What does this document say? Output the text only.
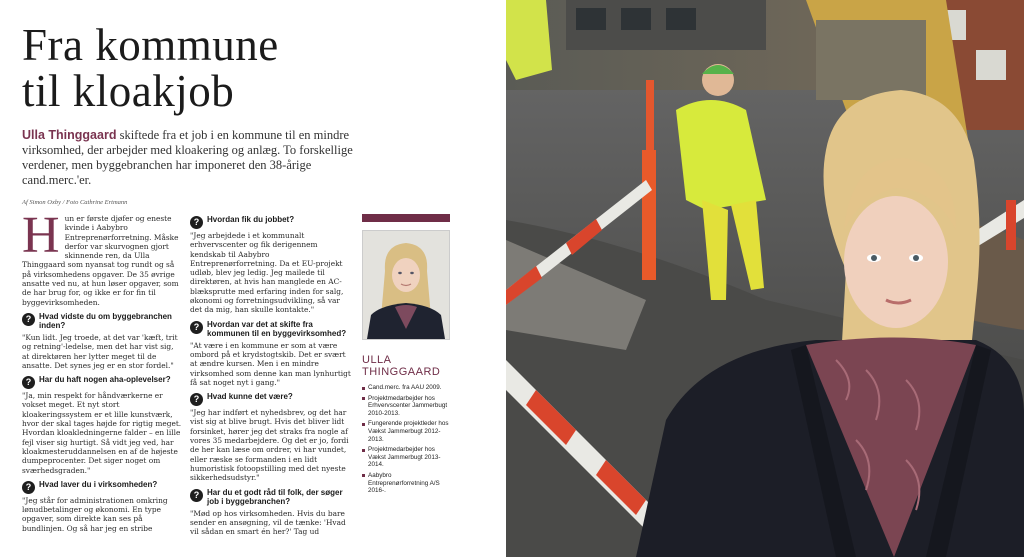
Fra kommune
til kloakjob

Ulla Thinggaard skiftede fra et job i en kommune til en mindre virksomhed, der arbejder med kloakering og anlæg. To forskellige verdener, men byggebranchen har imponeret den 38-årige cand.merc.'er.

Af Simon Oxby / Foto Cathrine Ertmann
Hun er første djøfer og eneste kvinde i Aabybro Entreprenørforretning. Måske derfor var skurvognen gjort skinnende ren, da Ulla Thinggaard som nyansat tog rundt og så på virksomhedens opgaver. De 35 øvrige ansatte ved nu, at hun løser opgaver, som de har brug for, og ikke er for fin til byggevirksomheden.
? Hvad vidste du om byggebranchen inden?

"Kun lidt. Jeg troede, at det var 'kæft, trit og retning'-ledelse, men det har vist sig, at direktøren her lytter meget til de ansatte. Det synes jeg er en stor fordel."

? Har du haft nogen aha-oplevelser?

"Ja, min respekt for håndværkerne er vokset meget. Et nyt stort kloakeringssystem er et lille kunstværk, hvor der skal tages højde for rigtig meget. Hvordan kloakledningerne falder – en lille fejl viser sig hurtigt. Så vidt jeg ved, har kloakmesteruddannelsen en af de højeste dumpeprocenter. Det siger noget om sværhedsgraden."

? Hvad laver du i virksomheden?

"Jeg står for administrationen omkring lønudbetalinger og økonomi. En type opgaver, som direkte kan ses på bundlinjen. Og så har jeg en stribe

? Hvordan fik du jobbet?

"Jeg arbejdede i et kommunalt erhvervscenter og fik derigennem kendskab til Aabybro Entreprenørforretning. Da et EU-projekt udløb, blev jeg ledig. Jeg mailede til direktøren, at hvis han manglede en AC-blæksprutte med erfaring inden for salg, økonomi og forretningsudvikling, så var det da mig, han skulle kontakte."

? Hvordan var det at skifte fra kommunen til en byggevirksomhed?

"At være i en kommune er som at være ombord på et krydstogtskib. Det er svært at ændre kursen. Men i en mindre virksomhed som denne kan man lynhurtigt få sat noget nyt i gang."

? Hvad kunne det være?

"Jeg har indført et nyhedsbrev, og det har vist sig at blive brugt. Hvis det bliver lidt forsinket, hører jeg det straks fra nogle af vores 35 medarbejdere. Og det er jo, fordi de her kan læse om ordrer, vi har vundet, eller ræske se formanden i en lidt humoristisk fotoopstilling med det nyeste sikkerhedsudstyr."

? Har du et godt råd til folk, der søger job i byggebranchen?

"Mød op hos virksomheden. Hvis du bare sender en ansøgning, vil de tænke: 'Hvad vil sådan en smart én her?' Tag ud

ULLA THINGGAARD
Cand.merc. fra AAU 2009.
Projektmedarbejder hos Erhvervscenter Jammerbugt 2010-2013.
Fungerende projektleder hos Vækst Jammerbugt 2012-2013.
Projektmedarbejder hos Vækst Jammerbugt 2013-2014.
Aabybro Entreprenørforretning A/S 2016-.
